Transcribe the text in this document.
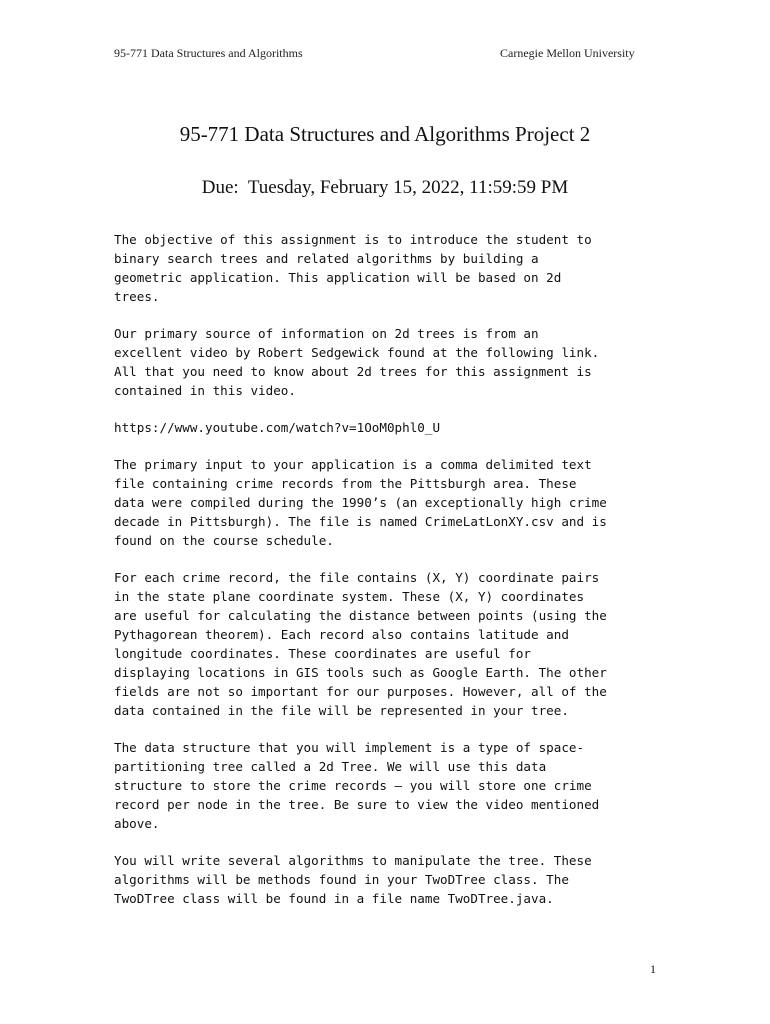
95-771 Data Structures and Algorithms	Carnegie Mellon University
95-771 Data Structures and Algorithms Project 2
Due:  Tuesday, February 15, 2022, 11:59:59 PM
The objective of this assignment is to introduce the student to
binary search trees and related algorithms by building a
geometric application. This application will be based on 2d
trees.
Our primary source of information on 2d trees is from an
excellent video by Robert Sedgewick found at the following link.
All that you need to know about 2d trees for this assignment is
contained in this video.
https://www.youtube.com/watch?v=1OoM0phl0_U
The primary input to your application is a comma delimited text
file containing crime records from the Pittsburgh area. These
data were compiled during the 1990’s (an exceptionally high crime
decade in Pittsburgh). The file is named CrimeLatLonXY.csv and is
found on the course schedule.
For each crime record, the file contains (X, Y) coordinate pairs
in the state plane coordinate system. These (X, Y) coordinates
are useful for calculating the distance between points (using the
Pythagorean theorem). Each record also contains latitude and
longitude coordinates. These coordinates are useful for
displaying locations in GIS tools such as Google Earth. The other
fields are not so important for our purposes. However, all of the
data contained in the file will be represented in your tree.
The data structure that you will implement is a type of space-
partitioning tree called a 2d Tree. We will use this data
structure to store the crime records – you will store one crime
record per node in the tree. Be sure to view the video mentioned
above.
You will write several algorithms to manipulate the tree. These
algorithms will be methods found in your TwoDTree class. The
TwoDTree class will be found in a file name TwoDTree.java.
1
